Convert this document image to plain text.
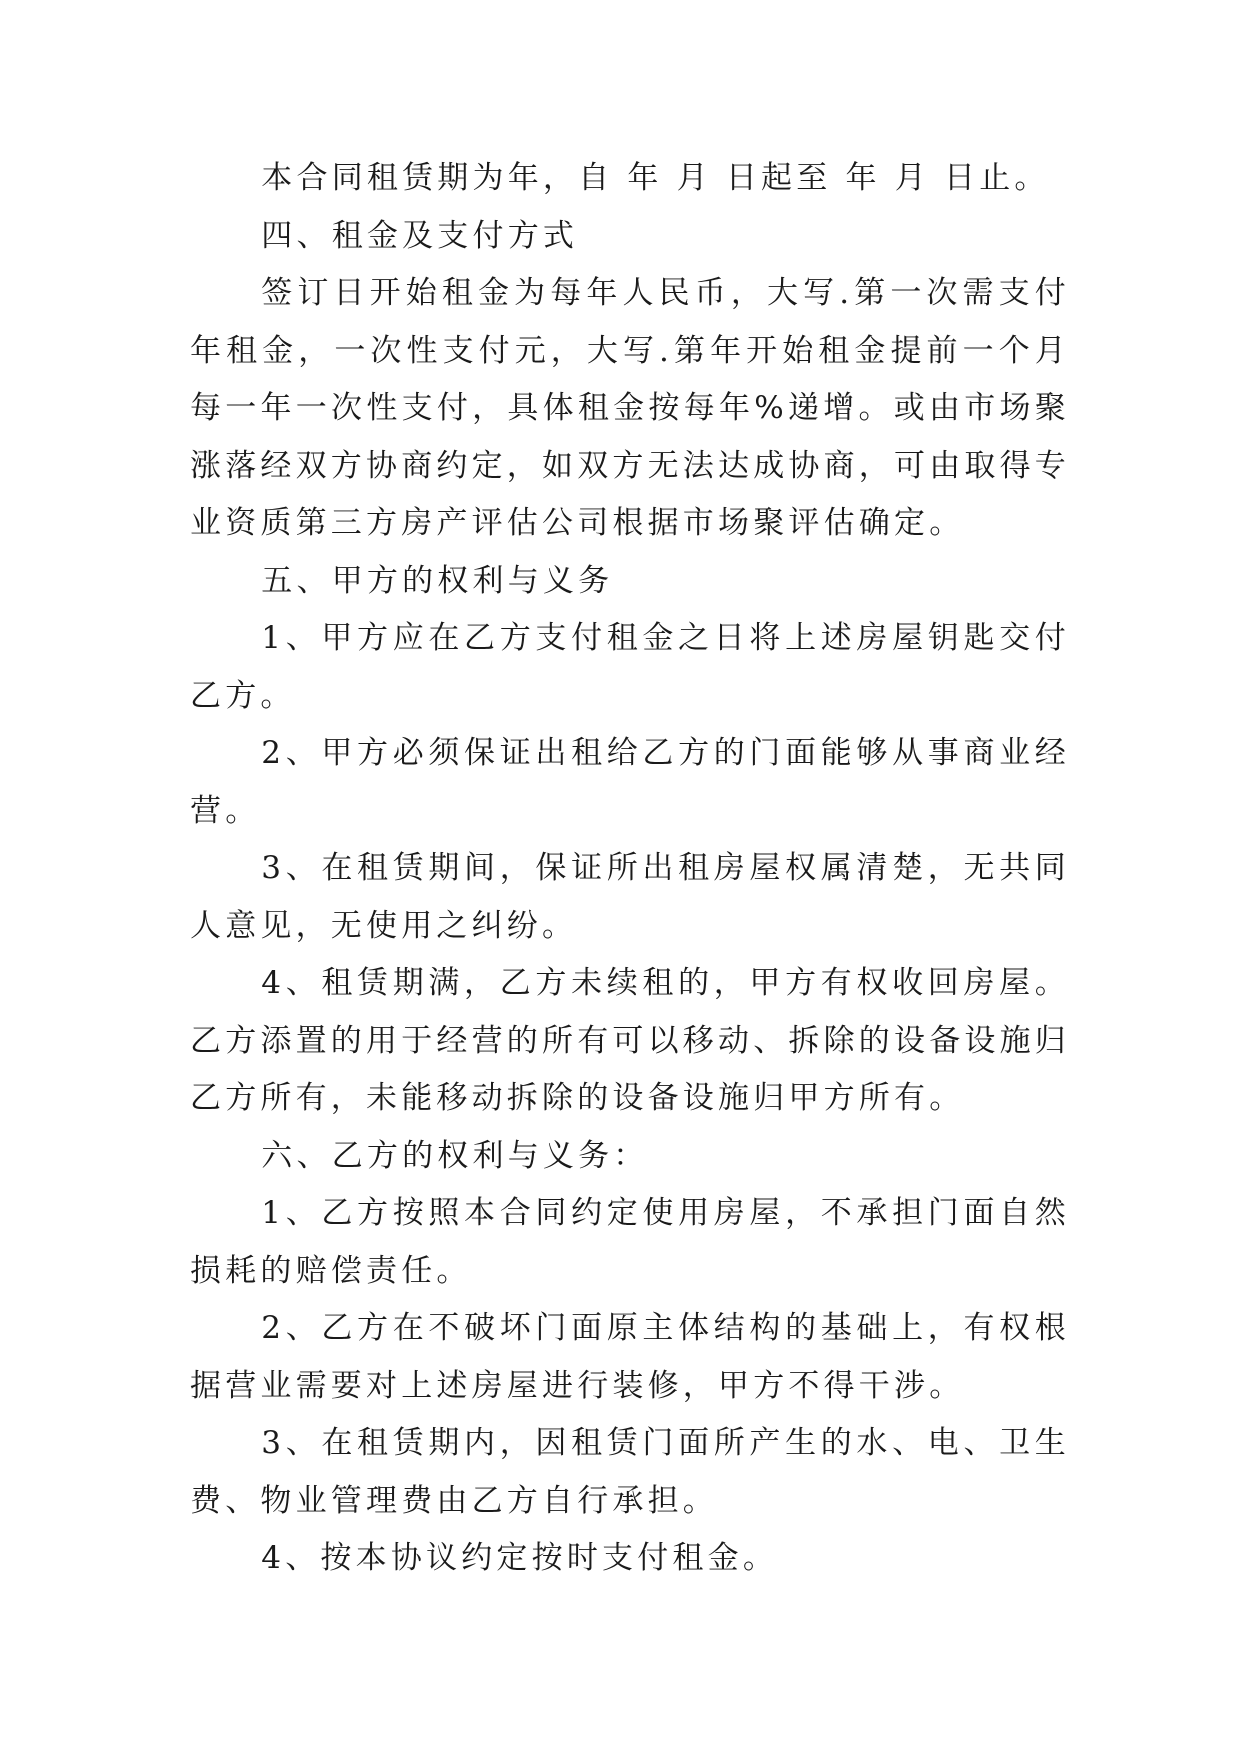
本合同租赁期为年，自 年 月 日起至 年 月 日止。

四、租金及支付方式

签订日开始租金为每年人民币，大写.第一次需支付年租金，一次性支付元，大写.第年开始租金提前一个月每一年一次性支付，具体租金按每年%递增。或由市场聚涨落经双方协商约定，如双方无法达成协商，可由取得专业资质第三方房产评估公司根据市场聚评估确定。

五、甲方的权利与义务

1、甲方应在乙方支付租金之日将上述房屋钥匙交付乙方。

2、甲方必须保证出租给乙方的门面能够从事商业经营。

3、在租赁期间，保证所出租房屋权属清楚，无共同人意见，无使用之纠纷。

4、租赁期满，乙方未续租的，甲方有权收回房屋。乙方添置的用于经营的所有可以移动、拆除的设备设施归乙方所有，未能移动拆除的设备设施归甲方所有。

六、乙方的权利与义务：

1、乙方按照本合同约定使用房屋，不承担门面自然损耗的赔偿责任。

2、乙方在不破坏门面原主体结构的基础上，有权根据营业需要对上述房屋进行装修，甲方不得干涉。

3、在租赁期内，因租赁门面所产生的水、电、卫生费、物业管理费由乙方自行承担。

4、按本协议约定按时支付租金。
